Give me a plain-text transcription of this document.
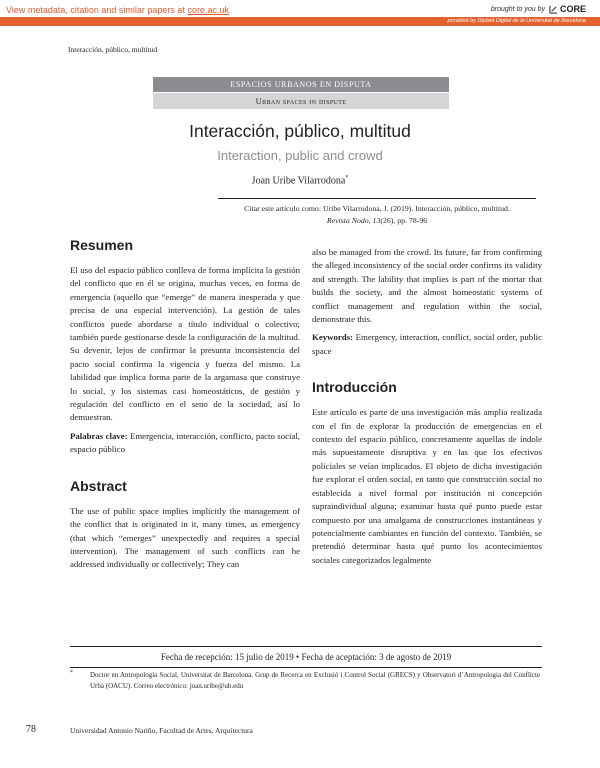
View metadata, citation and similar papers at core.ac.uk	brought to you by CORE
provided by Dipòsit Digital de la Universitat de Barcelona
Interacción, público, multitud
ESPACIOS URBANOS EN DISPUTA
Urban spaces in dispute
Interacción, público, multitud
Interaction, public and crowd
Joan Uribe Vilarrodona*
Citar este artículo como: Uribe Vilarrodona, J. (2019). Interacción, público, multitud.
Revista Nodo, 13(26), pp. 78-96
Resumen

El uso del espacio público conlleva de forma implícita la gestión del conflicto que en él se origina, muchas veces, en forma de emergencia (aquello que “emerge” de manera inesperada y que precisa de una especial intervención). La gestión de tales conflictos puede abordarse a título individual o colectivo; también puede gestionarse desde la configuración de la multitud. Su devenir, lejos de confirmar la presunta inconsistencia del pacto social confirma la vigencia y fuerza del mismo. La labilidad que implica forma parte de la argamasa que construye lo social, y los sistemas casi homeostáticos, de gestión y regulación del conflicto en el seno de la sociedad, así lo demuestran.

Palabras clave: Emergencia, interacción, conflicto, pacto social, espacio público

Abstract

The use of public space implies implicitly the management of the conflict that is originated in it, many times, as emergency (that which “emerges” unexpectedly and requires a special intervention). The management of such conflicts can be addressed individually or collectively; They can

also be managed from the crowd. Its future, far from confirming the alleged inconsistency of the social order confirms its validity and strength. The lability that implies is part of the mortar that builds the society, and the almost homeostatic systems of conflict management and regulation within the social, demonstrate this.

Keywords: Emergency, interaction, conflict, social order, public space

Introducción

Este artículo es parte de una investigación más amplia realizada con el fin de explorar la producción de emergencias en el contexto del espacio público, concretamente aquellas de índole más supuestamente disruptiva y en las que los efectivos policiales se veían implicados. El objeto de dicha investigación fue explorar el orden social, en tanto que construcción social no establecida a nivel formal por institución ni concepción supraindividual alguna; examinar hasta qué punto puede estar compuesto por una amalgama de construcciones instantáneas y potencialmente cambiantes en función del contexto. También, se pretendió determinar hasta qué punto los acontecimientos sociales categorizados legalmente

Fecha de recepción: 15 julio de 2019 • Fecha de aceptación: 3 de agosto de 2019
*	Doctor en Antropología Social, Universitat de Barcelona. Grup de Recerca en Exclusió i Control Social (GRECS) y Observatori d’Antropologia del Conflicte Urbà (OACU). Correo electrónico: joan.uribe@ub.edu
78	Universidad Antonio Nariño, Facultad de Artes, Arquitectura
